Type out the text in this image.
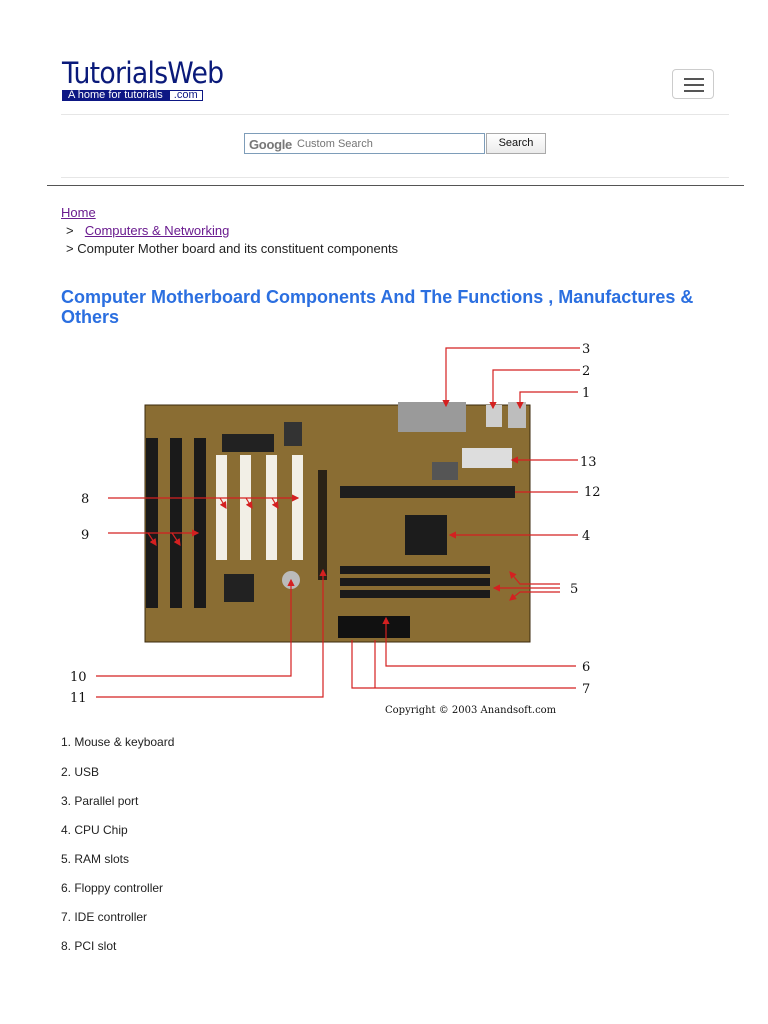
TutorialsWeb
A home for tutorials	.com
Google
Custom Search	Search
Home
> Computers & Networking
> Computer Mother board and its constituent components
Computer Motherboard Components And The Functions , Manufactures & Others
3
2
1
13
12
4
5
6
7
8
9
10
11
Copyright © 2003 Anandsoft.com
1. Mouse & keyboard
2. USB
3. Parallel port
4. CPU Chip
5. RAM slots
6. Floppy controller
7. IDE controller
8. PCI slot
